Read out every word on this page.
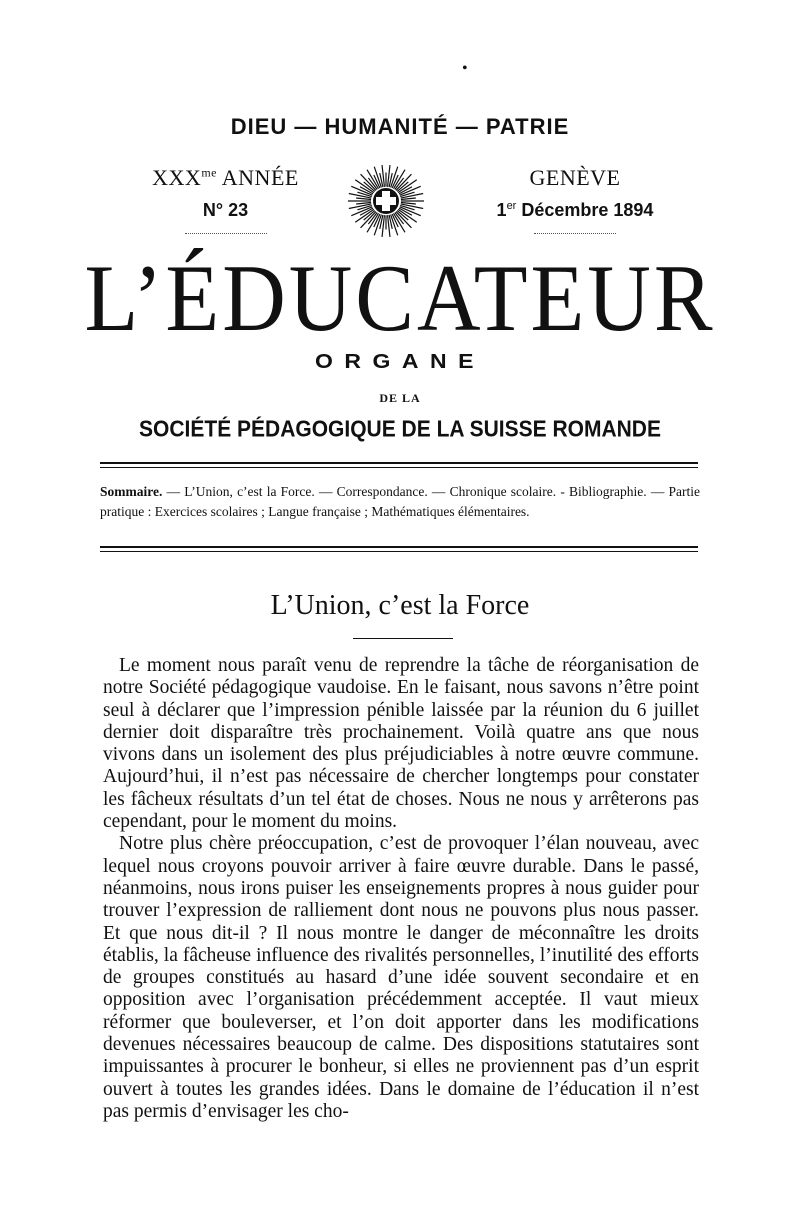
•
DIEU — HUMANITÉ — PATRIE
$XXX^{me}$ ANNÉE
N° 23
GENÈVE
1er Décembre 1894
L’ÉDUCATEUR
ORGANE
DE LA
SOCIÉTÉ PÉDAGOGIQUE DE LA SUISSE ROMANDE
Sommaire. — L’Union, c’est la Force. — Correspondance. — Chronique scolaire. - Bibliographie. — Partie pratique : Exercices scolaires ; Langue française ; Mathématiques élémentaires.
L’Union, c’est la Force

Le moment nous paraît venu de reprendre la tâche de réorganisation de notre Société pédagogique vaudoise. En le faisant, nous savons n’être point seul à déclarer que l’impression pénible laissée par la réunion du 6 juillet dernier doit disparaître très prochainement. Voilà quatre ans que nous vivons dans un isolement des plus préjudiciables à notre œuvre commune. Aujourd’hui, il n’est pas nécessaire de chercher longtemps pour constater les fâcheux résultats d’un tel état de choses. Nous ne nous y arrêterons pas cependant, pour le moment du moins.

Notre plus chère préoccupation, c’est de provoquer l’élan nouveau, avec lequel nous croyons pouvoir arriver à faire œuvre durable. Dans le passé, néanmoins, nous irons puiser les enseignements propres à nous guider pour trouver l’expression de ralliement dont nous ne pouvons plus nous passer. Et que nous dit-il ? Il nous montre le danger de méconnaître les droits établis, la fâcheuse influence des rivalités personnelles, l’inutilité des efforts de groupes constitués au hasard d’une idée souvent secondaire et en opposition avec l’organisation précédemment acceptée. Il vaut mieux réformer que bouleverser, et l’on doit apporter dans les modifications devenues nécessaires beaucoup de calme. Des dispositions statutaires sont impuissantes à procurer le bonheur, si elles ne proviennent pas d’un esprit ouvert à toutes les grandes idées. Dans le domaine de l’éducation il n’est pas permis d’envisager les cho-
